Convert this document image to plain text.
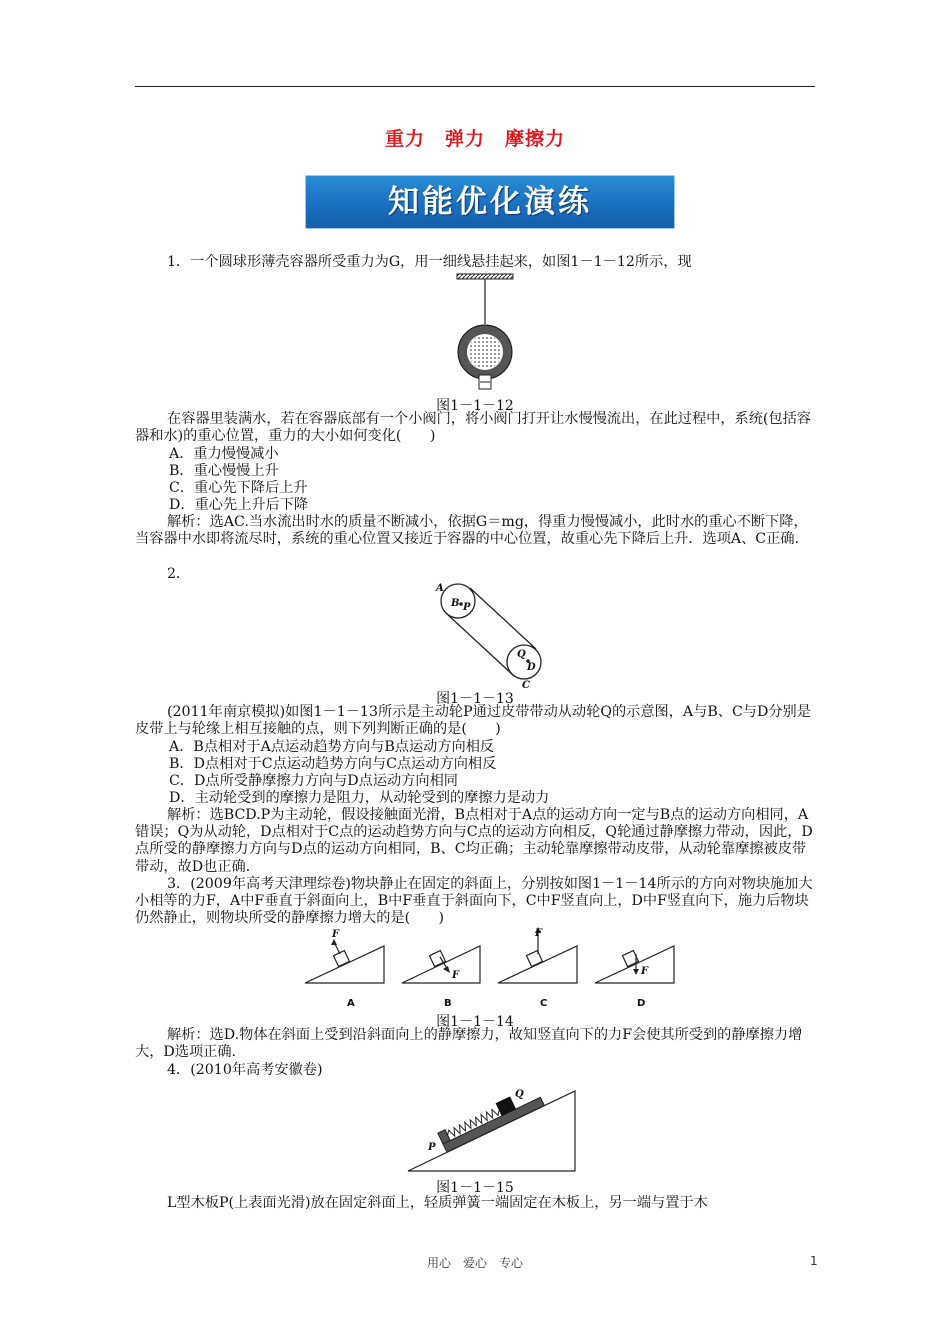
重力　弹力　摩擦力
知能优化演练

1．一个圆球形薄壳容器所受重力为G，用一细线悬挂起来，如图1－1－12所示，现

图1－1－12

在容器里装满水，若在容器底部有一个小阀门，将小阀门打开让水慢慢流出，在此过程中，系统(包括容器和水)的重心位置，重力的大小如何变化(　　)

A．重力慢慢减小

B．重心慢慢上升

C．重心先下降后上升

D．重心先上升后下降

解析：选AC.当水流出时水的质量不断减小，依据G＝mg，得重力慢慢减小，此时水的重心不断下降，当容器中水即将流尽时，系统的重心位置又接近于容器的中心位置，故重心先下降后上升．选项A、C正确．

2．

A
B P
Q
D
C
图1－1－13

(2011年南京模拟)如图1－1－13所示是主动轮P通过皮带带动从动轮Q的示意图，A与B、C与D分别是皮带上与轮缘上相互接触的点，则下列判断正确的是(　　)

A．B点相对于A点运动趋势方向与B点运动方向相反

B．D点相对于C点运动趋势方向与C点运动方向相反

C．D点所受静摩擦力方向与D点运动方向相同

D．主动轮受到的摩擦力是阻力，从动轮受到的摩擦力是动力

解析：选BCD.P为主动轮，假设接触面光滑，B点相对于A点的运动方向一定与B点的运动方向相同，A错误；Q为从动轮，D点相对于C点的运动趋势方向与C点的运动方向相反，Q轮通过静摩擦力带动，因此，D点所受的静摩擦力方向与D点的运动方向相同，B、C均正确；主动轮靠摩擦带动皮带，从动轮靠摩擦被皮带带动，故D也正确．

3．(2009年高考天津理综卷)物块静止在固定的斜面上，分别按如图1－1－14所示的方向对物块施加大小相等的力F，A中F垂直于斜面向上，B中F垂直于斜面向下，C中F竖直向上，D中F竖直向下，施力后物块仍然静止，则物块所受的静摩擦力增大的是(　　)

F
F
F
F
A	B	C	D
图1－1－14

解析：选D.物体在斜面上受到沿斜面向上的静摩擦力，故知竖直向下的力F会使其所受到的静摩擦力增大，D选项正确．

4．(2010年高考安徽卷)

P
Q
图1－1－15

L型木板P(上表面光滑)放在固定斜面上，轻质弹簧一端固定在木板上，另一端与置于木

用心　爱心　专心	1
